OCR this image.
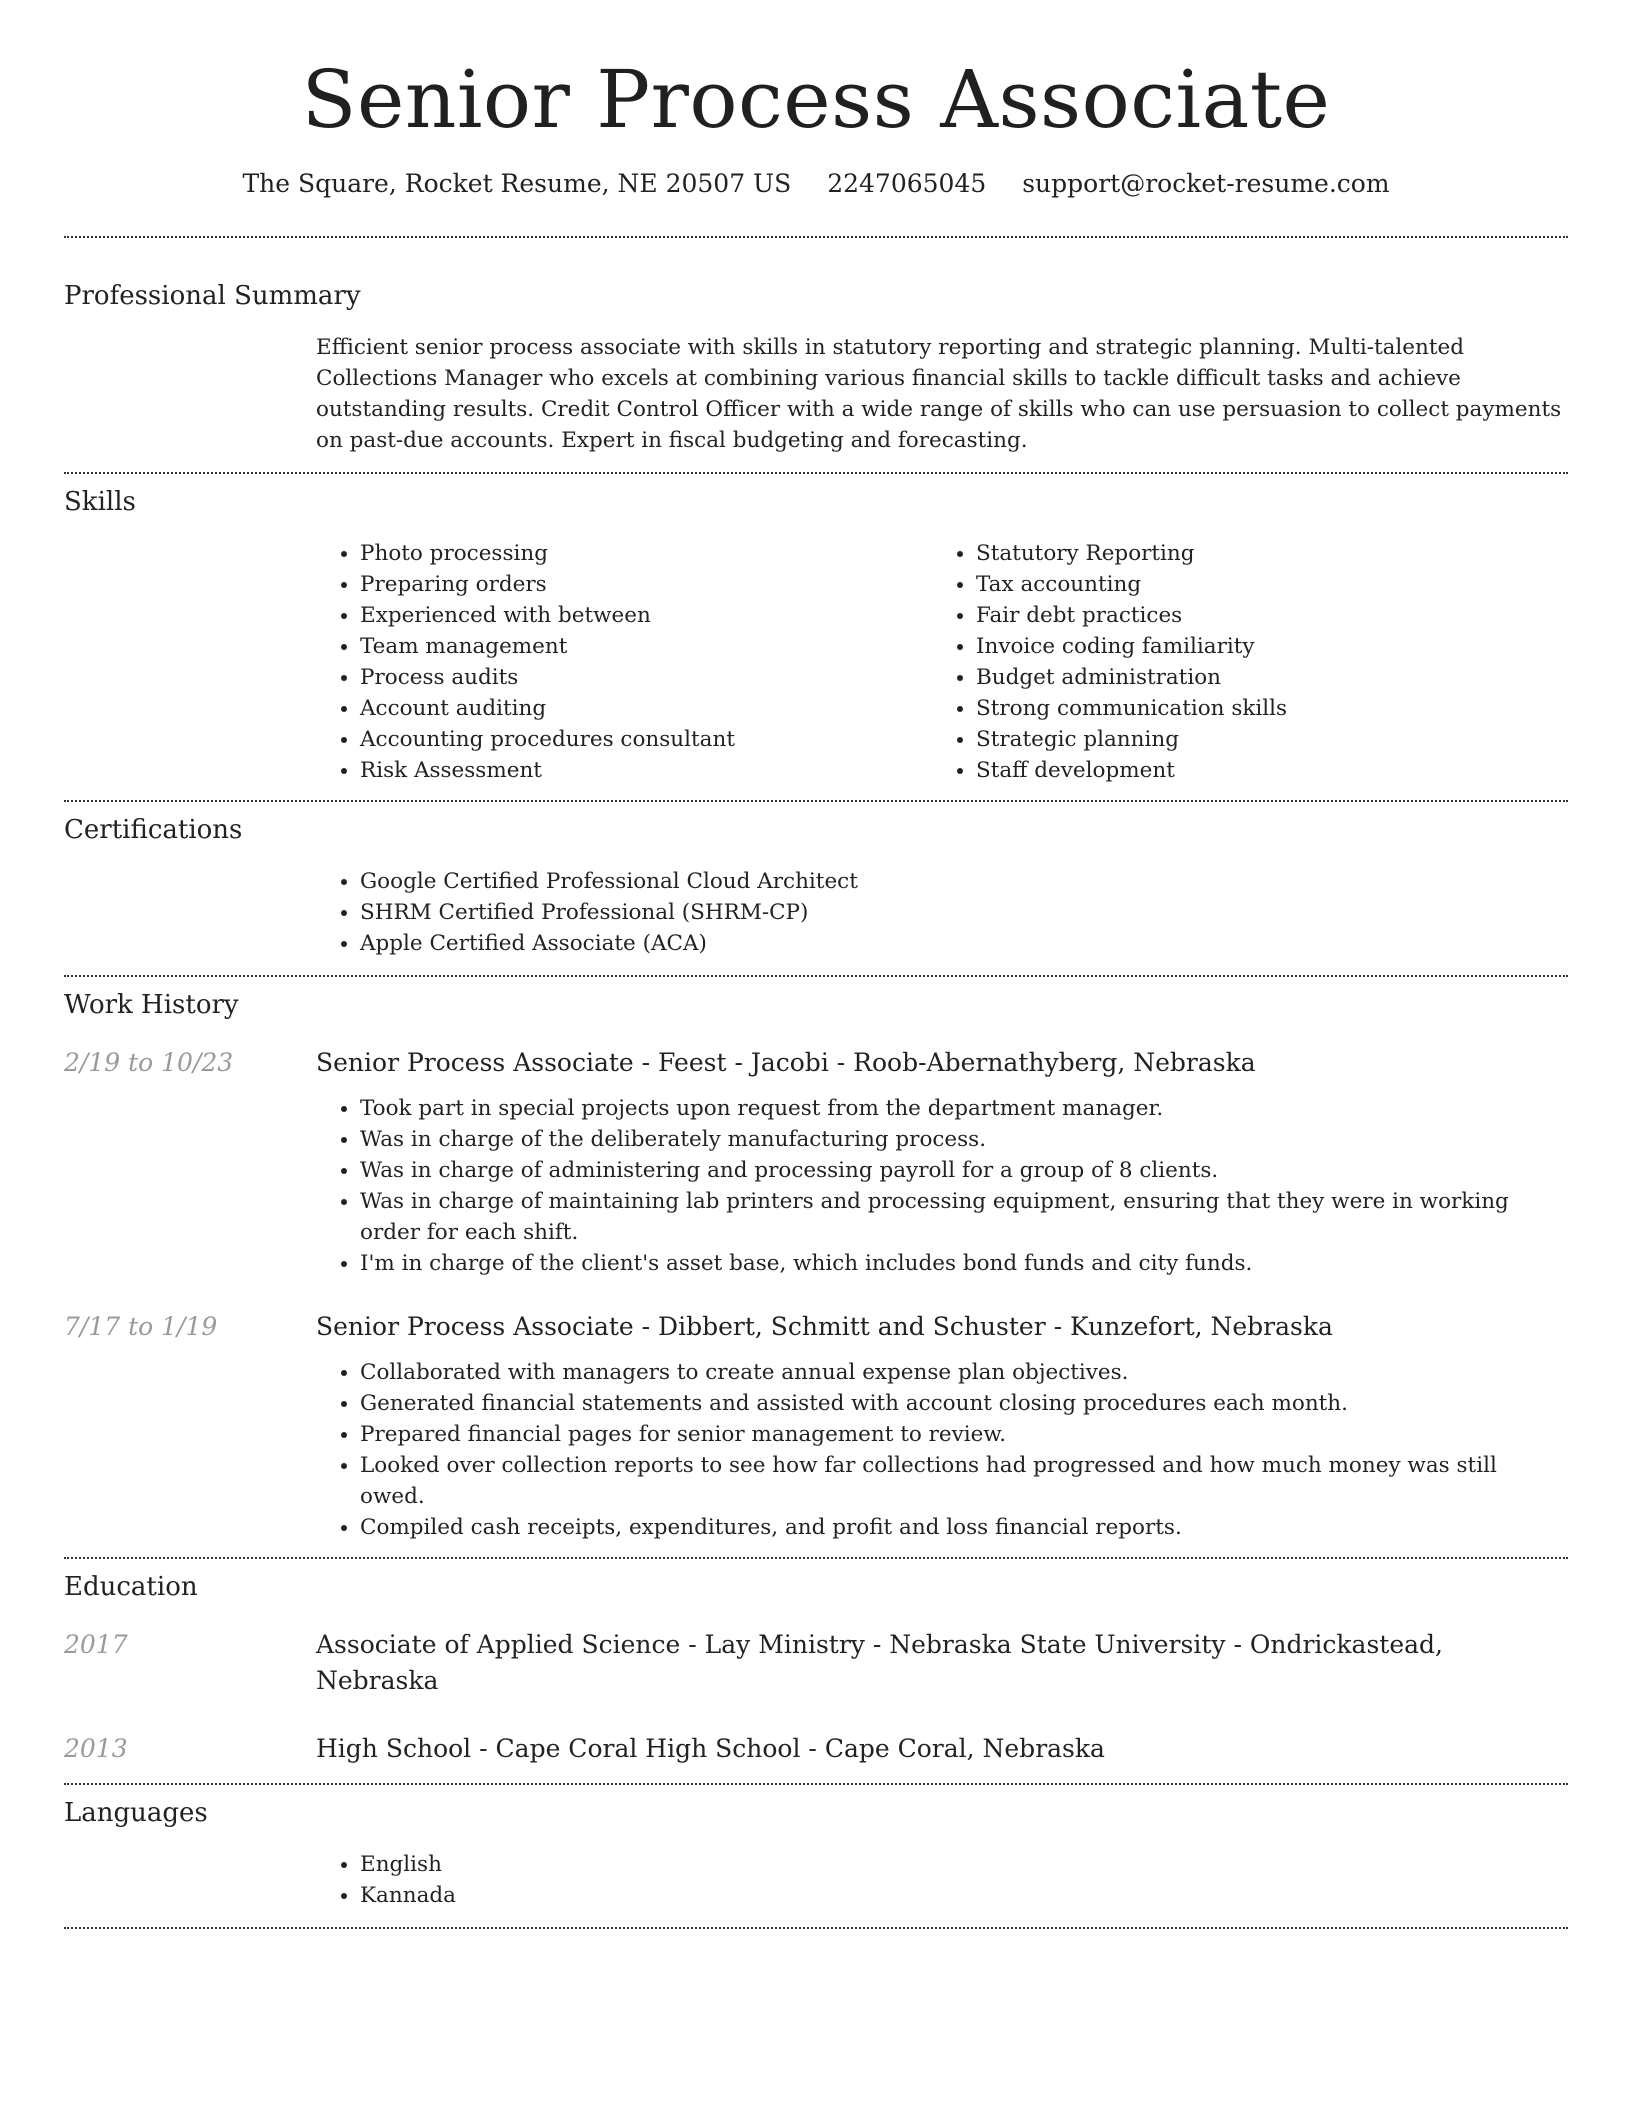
Senior Process Associate
The Square, Rocket Resume, NE 20507 US 2247065045 support@rocket-resume.com
Professional Summary
Efficient senior process associate with skills in statutory reporting and strategic planning. Multi-talented Collections Manager who excels at combining various financial skills to tackle difficult tasks and achieve outstanding results. Credit Control Officer with a wide range of skills who can use persuasion to collect payments on past-due accounts. Expert in fiscal budgeting and forecasting.
Skills
• Photo processing
• Preparing orders
• Experienced with between
• Team management
• Process audits
• Account auditing
• Accounting procedures consultant
• Risk Assessment
• Statutory Reporting
• Tax accounting
• Fair debt practices
• Invoice coding familiarity
• Budget administration
• Strong communication skills
• Strategic planning
• Staff development
Certifications
• Google Certified Professional Cloud Architect
• SHRM Certified Professional (SHRM-CP)
• Apple Certified Associate (ACA)
Work History
2/19 to 10/23	Senior Process Associate - Feest - Jacobi - Roob-Abernathyberg, Nebraska
• Took part in special projects upon request from the department manager.
• Was in charge of the deliberately manufacturing process.
• Was in charge of administering and processing payroll for a group of 8 clients.
• Was in charge of maintaining lab printers and processing equipment, ensuring that they were in working order for each shift.
• I'm in charge of the client's asset base, which includes bond funds and city funds.
7/17 to 1/19	Senior Process Associate - Dibbert, Schmitt and Schuster - Kunzefort, Nebraska
• Collaborated with managers to create annual expense plan objectives.
• Generated financial statements and assisted with account closing procedures each month.
• Prepared financial pages for senior management to review.
• Looked over collection reports to see how far collections had progressed and how much money was still owed.
• Compiled cash receipts, expenditures, and profit and loss financial reports.
Education
2017	Associate of Applied Science - Lay Ministry - Nebraska State University - Ondrickastead, Nebraska
2013	High School - Cape Coral High School - Cape Coral, Nebraska
Languages
• English
• Kannada
